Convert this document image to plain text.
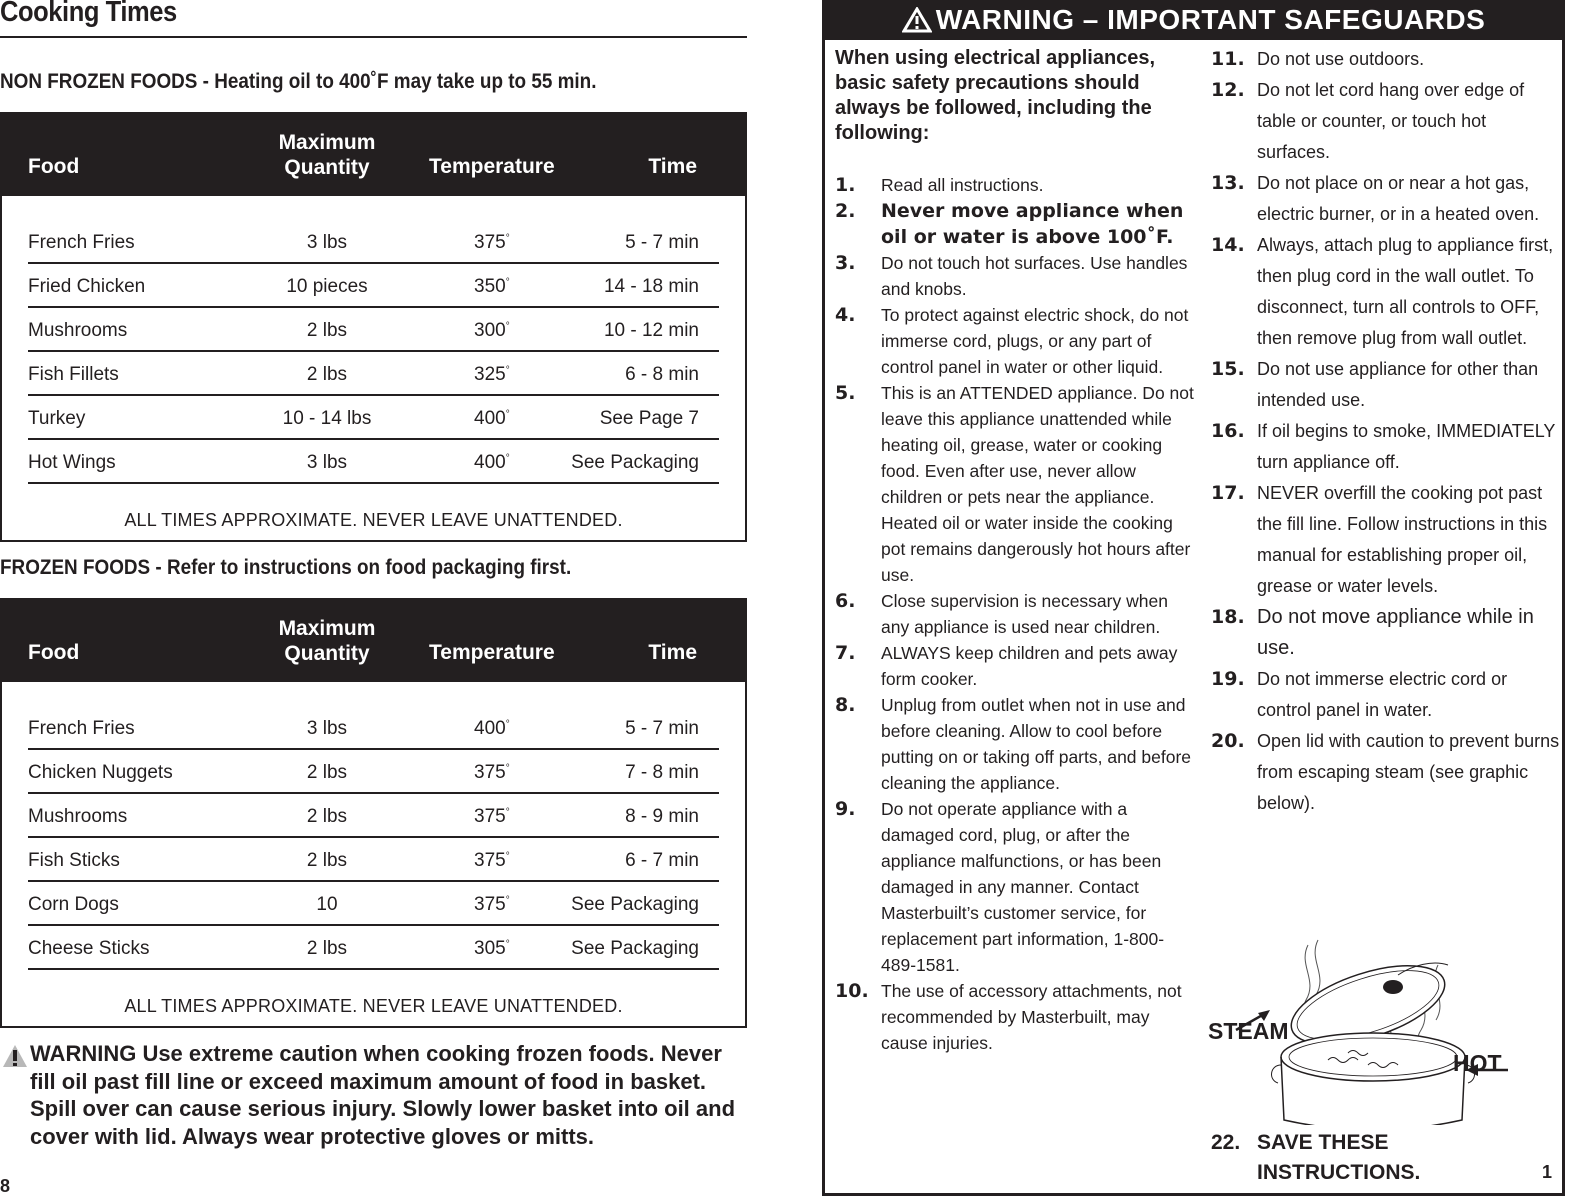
Cooking Times
NON FROZEN FOODS - Heating oil to 400˚F may take up to 55 min.
Food
Maximum
Quantity	Temperature	Time
French Fries	3 lbs	375°	5 - 7 min
Fried Chicken	10 pieces	350°	14 - 18 min
Mushrooms	2 lbs	300°	10 - 12 min
Fish Fillets	2 lbs	325°	6 - 8 min
Turkey	10 - 14 lbs	400°	See Page 7
Hot Wings	3 lbs	400°	See Packaging
ALL TIMES APPROXIMATE. NEVER LEAVE UNATTENDED.
FROZEN FOODS - Refer to instructions on food packaging first.
Food
Maximum
Quantity	Temperature	Time
French Fries	3 lbs	400°	5 - 7 min
Chicken Nuggets	2 lbs	375°	7 - 8 min
Mushrooms	2 lbs	375°	8 - 9 min
Fish Sticks	2 lbs	375°	6 - 7 min
Corn Dogs	10	375°	See Packaging
Cheese Sticks	2 lbs	305°	See Packaging
ALL TIMES APPROXIMATE. NEVER LEAVE UNATTENDED.
WARNING Use extreme caution when cooking frozen foods. Never fill oil past fill line or exceed maximum amount of food in basket. Spill over can cause serious injury. Slowly lower basket into oil and cover with lid. Always wear protective gloves or mitts.
8
WARNING – IMPORTANT SAFEGUARDS
When using electrical appliances, basic safety precautions should always be followed, including the following:
1. Read all instructions.
2. Never move appliance when oil or water is above 100˚F.
3. Do not touch hot surfaces. Use handles and knobs.
4. To protect against electric shock, do not immerse cord, plugs, or any part of control panel in water or other liquid.
5. This is an ATTENDED appliance. Do not leave this appliance unattended while heating oil, grease, water or cooking food. Even after use, never allow children or pets near the appliance. Heated oil or water inside the cooking pot remains dangerously hot hours after use.
6. Close supervision is necessary when any appliance is used near children.
7. ALWAYS keep children and pets away form cooker.
8. Unplug from outlet when not in use and before cleaning. Allow to cool before putting on or taking off parts, and before cleaning the appliance.
9. Do not operate appliance with a damaged cord, plug, or after the appliance malfunctions, or has been damaged in any manner. Contact Masterbuilt’s customer service, for replacement part information, 1-800-489-1581.
10. The use of accessory attachments, not recommended by Masterbuilt, may cause injuries.
11. Do not use outdoors.
12. Do not let cord hang over edge of table or counter, or touch hot surfaces.
13. Do not place on or near a hot gas, electric burner, or in a heated oven.
14. Always, attach plug to appliance first, then plug cord in the wall outlet. To disconnect, turn all controls to OFF, then remove plug from wall outlet.
15. Do not use appliance for other than intended use.
16. If oil begins to smoke, IMMEDIATELY turn appliance off.
17. NEVER overfill the cooking pot past the fill line. Follow instructions in this manual for establishing proper oil, grease or water levels.
18. Do not move appliance while in use.
19. Do not immerse electric cord or control panel in water.
20. Open lid with caution to prevent burns from escaping steam (see graphic below).
STEAM
HOT
22. SAVE THESE
INSTRUCTIONS.	1
